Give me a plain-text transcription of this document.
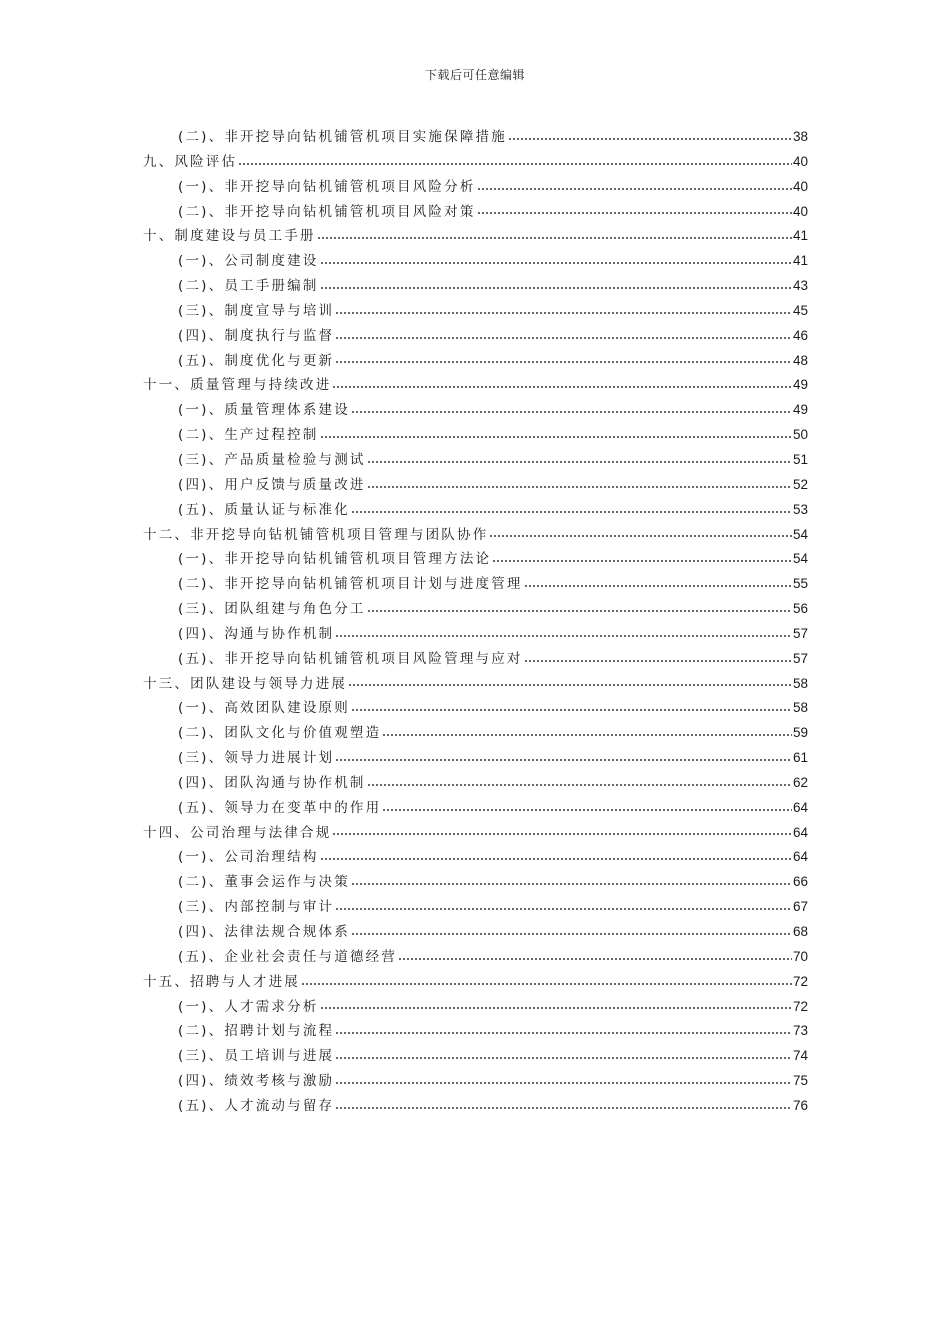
下载后可任意编辑
(二)、非开挖导向钻机铺管机项目实施保障措施	38
九、风险评估	40
(一)、非开挖导向钻机铺管机项目风险分析	40
(二)、非开挖导向钻机铺管机项目风险对策	40
十、制度建设与员工手册	41
(一)、公司制度建设	41
(二)、员工手册编制	43
(三)、制度宣导与培训	45
(四)、制度执行与监督	46
(五)、制度优化与更新	48
十一、质量管理与持续改进	49
(一)、质量管理体系建设	49
(二)、生产过程控制	50
(三)、产品质量检验与测试	51
(四)、用户反馈与质量改进	52
(五)、质量认证与标准化	53
十二、非开挖导向钻机铺管机项目管理与团队协作	54
(一)、非开挖导向钻机铺管机项目管理方法论	54
(二)、非开挖导向钻机铺管机项目计划与进度管理	55
(三)、团队组建与角色分工	56
(四)、沟通与协作机制	57
(五)、非开挖导向钻机铺管机项目风险管理与应对	57
十三、团队建设与领导力进展	58
(一)、高效团队建设原则	58
(二)、团队文化与价值观塑造	59
(三)、领导力进展计划	61
(四)、团队沟通与协作机制	62
(五)、领导力在变革中的作用	64
十四、公司治理与法律合规	64
(一)、公司治理结构	64
(二)、董事会运作与决策	66
(三)、内部控制与审计	67
(四)、法律法规合规体系	68
(五)、企业社会责任与道德经营	70
十五、招聘与人才进展	72
(一)、人才需求分析	72
(二)、招聘计划与流程	73
(三)、员工培训与进展	74
(四)、绩效考核与激励	75
(五)、人才流动与留存	76
